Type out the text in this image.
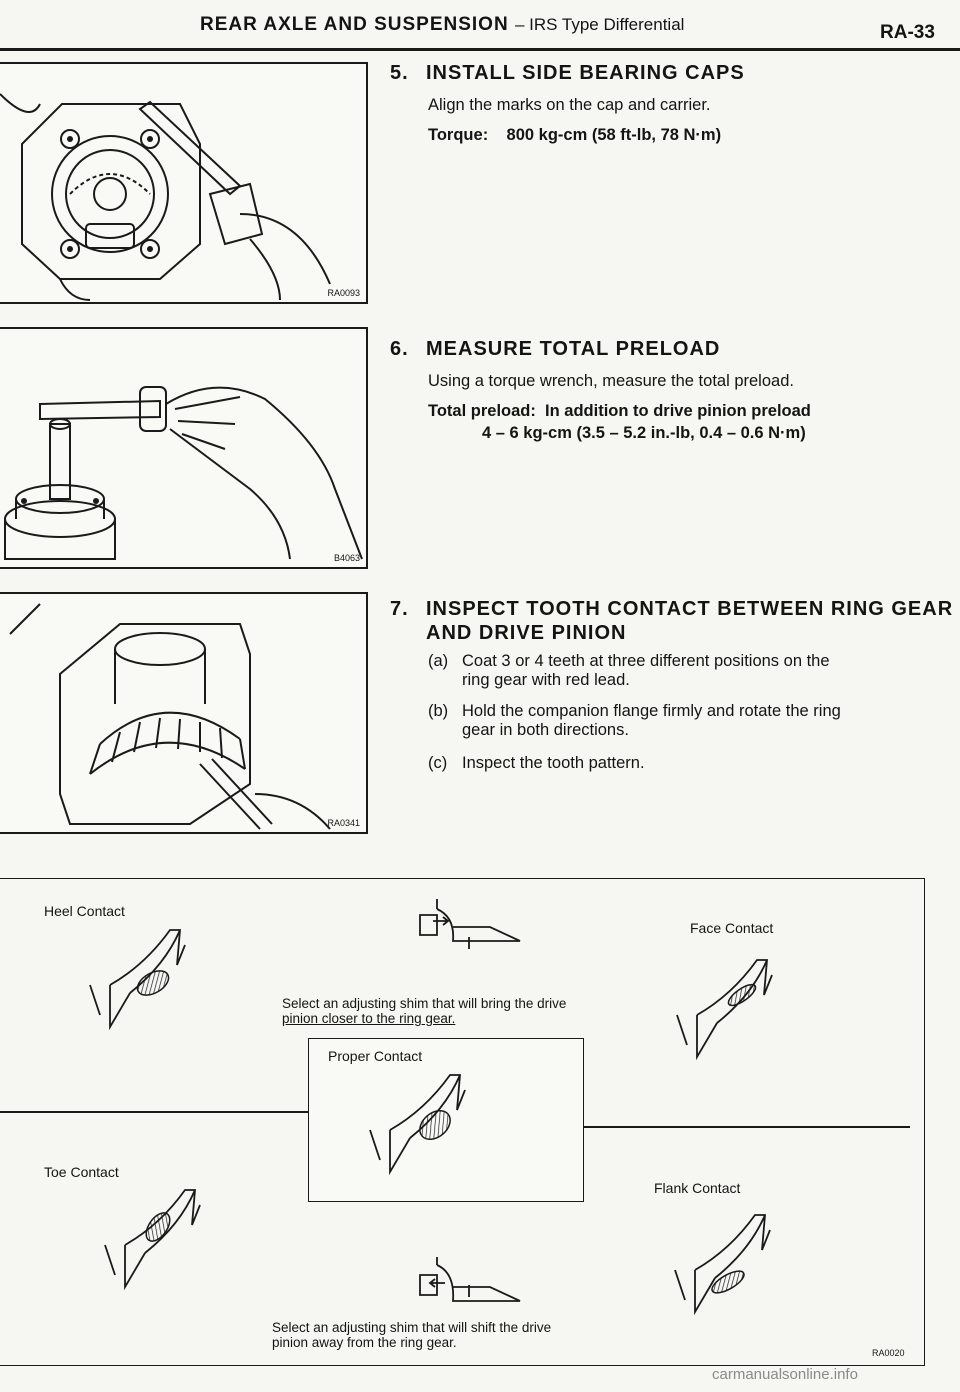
REAR AXLE AND SUSPENSION – IRS Type Differential	RA-33
RA0093
B4063
RA0341
5. INSTALL SIDE BEARING CAPS
Align the marks on the cap and carrier.
Torque: 800 kg-cm (58 ft-lb, 78 N·m)
6. MEASURE TOTAL PRELOAD
Using a torque wrench, measure the total preload.
Total preload: In addition to drive pinion preload
4 – 6 kg-cm (3.5 – 5.2 in.-lb, 0.4 – 0.6 N·m)
7. INSPECT TOOTH CONTACT BETWEEN RING GEAR
AND DRIVE PINION
(a) Coat 3 or 4 teeth at three different positions on the
ring gear with red lead.
(b) Hold the companion flange firmly and rotate the ring
gear in both directions.
(c) Inspect the tooth pattern.
Heel Contact
Face Contact
Toe Contact
Flank Contact
Select an adjusting shim that will bring the drive
pinion closer to the ring gear.
Proper Contact
Select an adjusting shim that will shift the drive
pinion away from the ring gear.
RA0020
carmanualsonline.info
